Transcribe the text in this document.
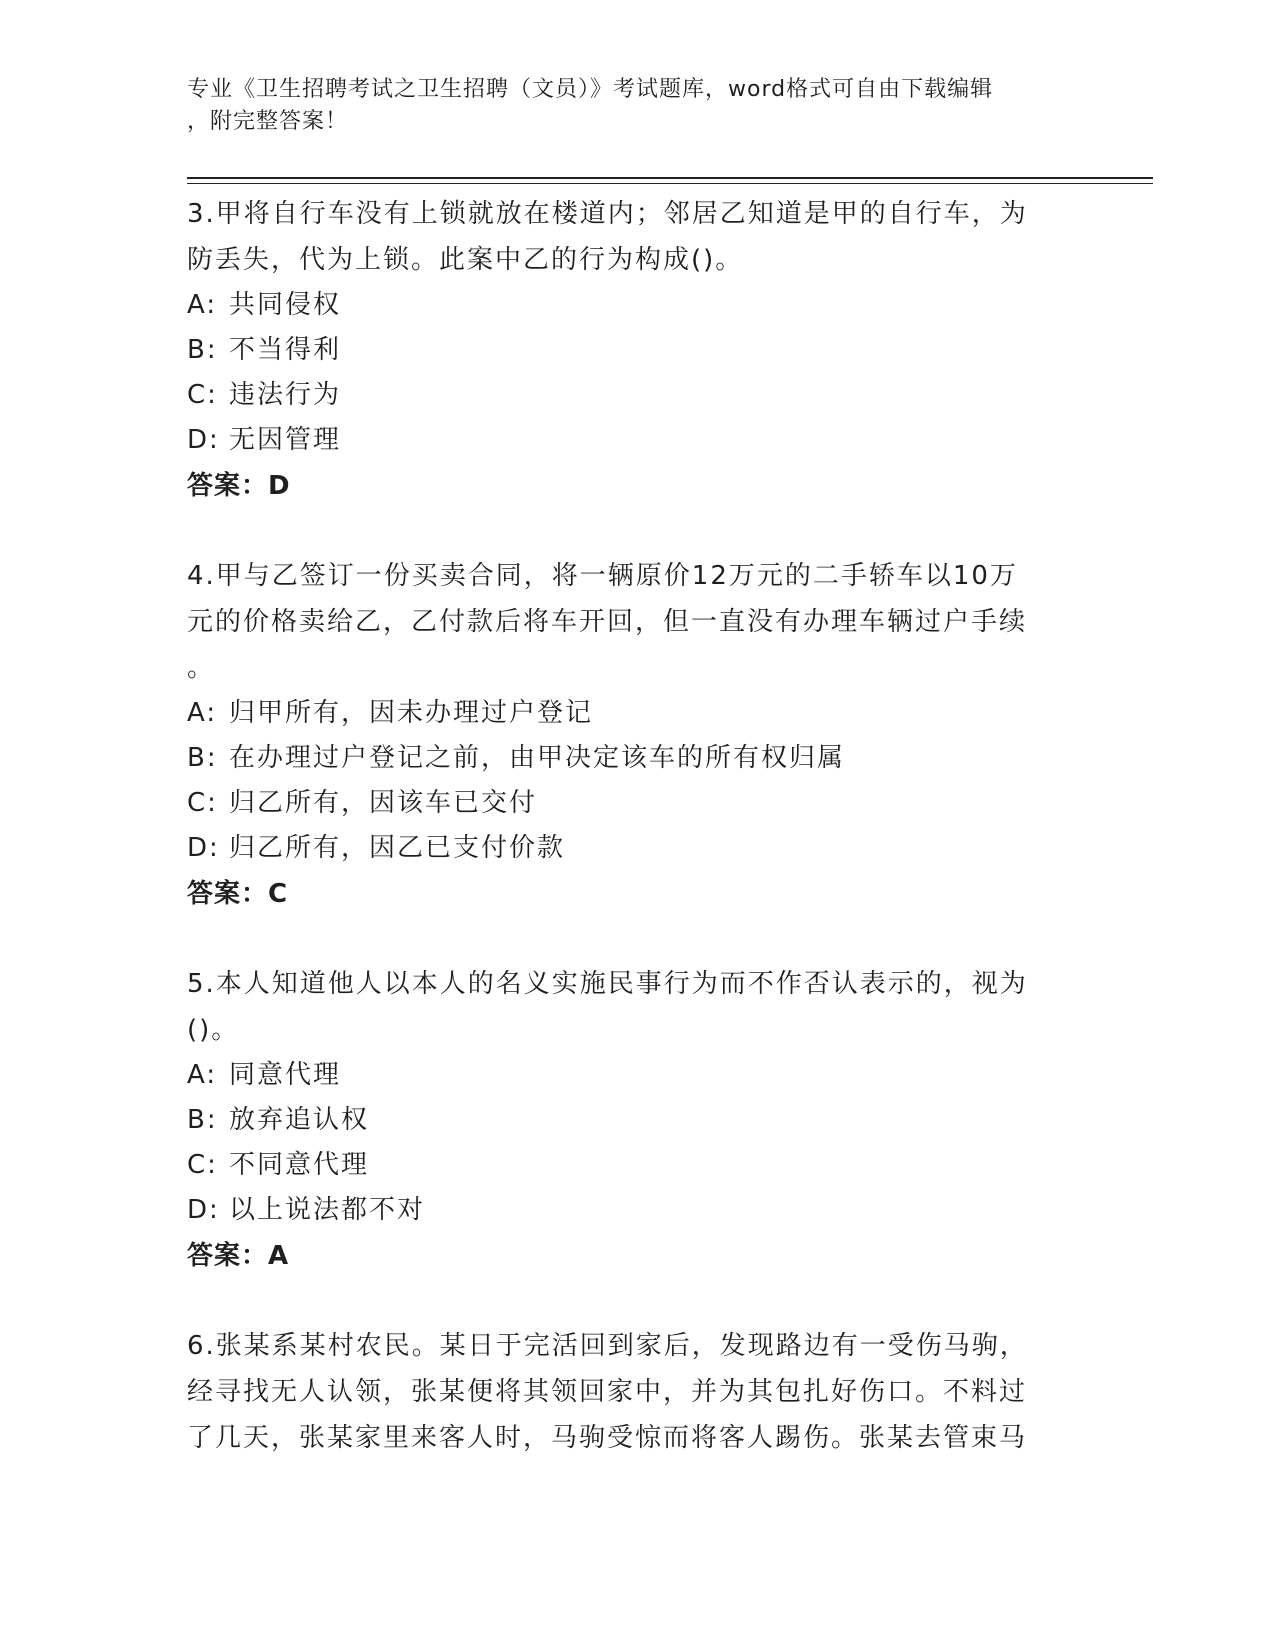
专业《卫生招聘考试之卫生招聘（文员）》考试题库，word格式可自由下载编辑
，附完整答案！
3.甲将自行车没有上锁就放在楼道内；邻居乙知道是甲的自行车，为
防丢失，代为上锁。此案中乙的行为构成()。
A: 共同侵权
B: 不当得利
C: 违法行为
D: 无因管理
答案：D
4.甲与乙签订一份买卖合同，将一辆原价12万元的二手轿车以10万
元的价格卖给乙，乙付款后将车开回，但一直没有办理车辆过户手续
。
A: 归甲所有，因未办理过户登记
B: 在办理过户登记之前，由甲决定该车的所有权归属
C: 归乙所有，因该车已交付
D: 归乙所有，因乙已支付价款
答案：C
5.本人知道他人以本人的名义实施民事行为而不作否认表示的，视为
()。
A: 同意代理
B: 放弃追认权
C: 不同意代理
D: 以上说法都不对
答案：A
6.张某系某村农民。某日于完活回到家后，发现路边有一受伤马驹，
经寻找无人认领，张某便将其领回家中，并为其包扎好伤口。不料过
了几天，张某家里来客人时，马驹受惊而将客人踢伤。张某去管束马
